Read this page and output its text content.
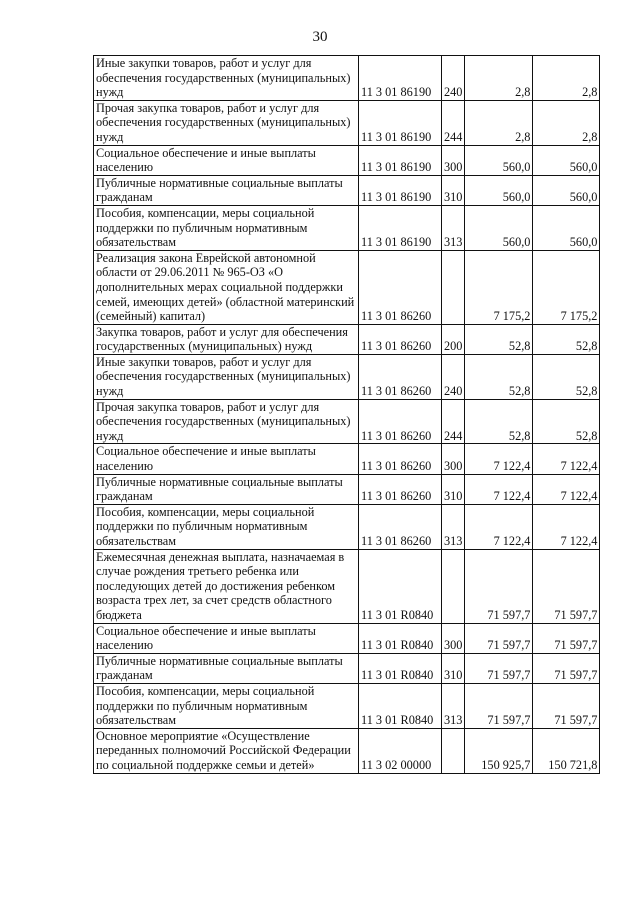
30
Иные закупки товаров, работ и услуг для обеспечения государственных (муниципальных) нужд	11 3 01 86190	240	2,8	2,8
Прочая закупка товаров, работ и услуг для обеспечения государственных (муниципальных) нужд	11 3 01 86190	244	2,8	2,8
Социальное обеспечение и иные выплаты населению	11 3 01 86190	300	560,0	560,0
Публичные нормативные социальные выплаты гражданам	11 3 01 86190	310	560,0	560,0
Пособия, компенсации, меры социальной поддержки по публичным нормативным обязательствам	11 3 01 86190	313	560,0	560,0
Реализация закона Еврейской автономной области от 29.06.2011 № 965-ОЗ «О дополнительных мерах социальной поддержки семей, имеющих детей» (областной материнский (семейный) капитал)	11 3 01 86260		7 175,2	7 175,2
Закупка товаров, работ и услуг для обеспечения государственных (муниципальных) нужд	11 3 01 86260	200	52,8	52,8
Иные закупки товаров, работ и услуг для обеспечения государственных (муниципальных) нужд	11 3 01 86260	240	52,8	52,8
Прочая закупка товаров, работ и услуг для обеспечения государственных (муниципальных) нужд	11 3 01 86260	244	52,8	52,8
Социальное обеспечение и иные выплаты населению	11 3 01 86260	300	7 122,4	7 122,4
Публичные нормативные социальные выплаты гражданам	11 3 01 86260	310	7 122,4	7 122,4
Пособия, компенсации, меры социальной поддержки по публичным нормативным обязательствам	11 3 01 86260	313	7 122,4	7 122,4
Ежемесячная денежная выплата, назначаемая в случае рождения третьего ребенка или последующих детей до достижения ребенком возраста трех лет, за счет средств областного бюджета	11 3 01 R0840		71 597,7	71 597,7
Социальное обеспечение и иные выплаты населению	11 3 01 R0840	300	71 597,7	71 597,7
Публичные нормативные социальные выплаты гражданам	11 3 01 R0840	310	71 597,7	71 597,7
Пособия, компенсации, меры социальной поддержки по публичным нормативным обязательствам	11 3 01 R0840	313	71 597,7	71 597,7
Основное мероприятие «Осуществление переданных полномочий Российской Федерации по социальной поддержке семьи и детей»	11 3 02 00000		150 925,7	150 721,8
